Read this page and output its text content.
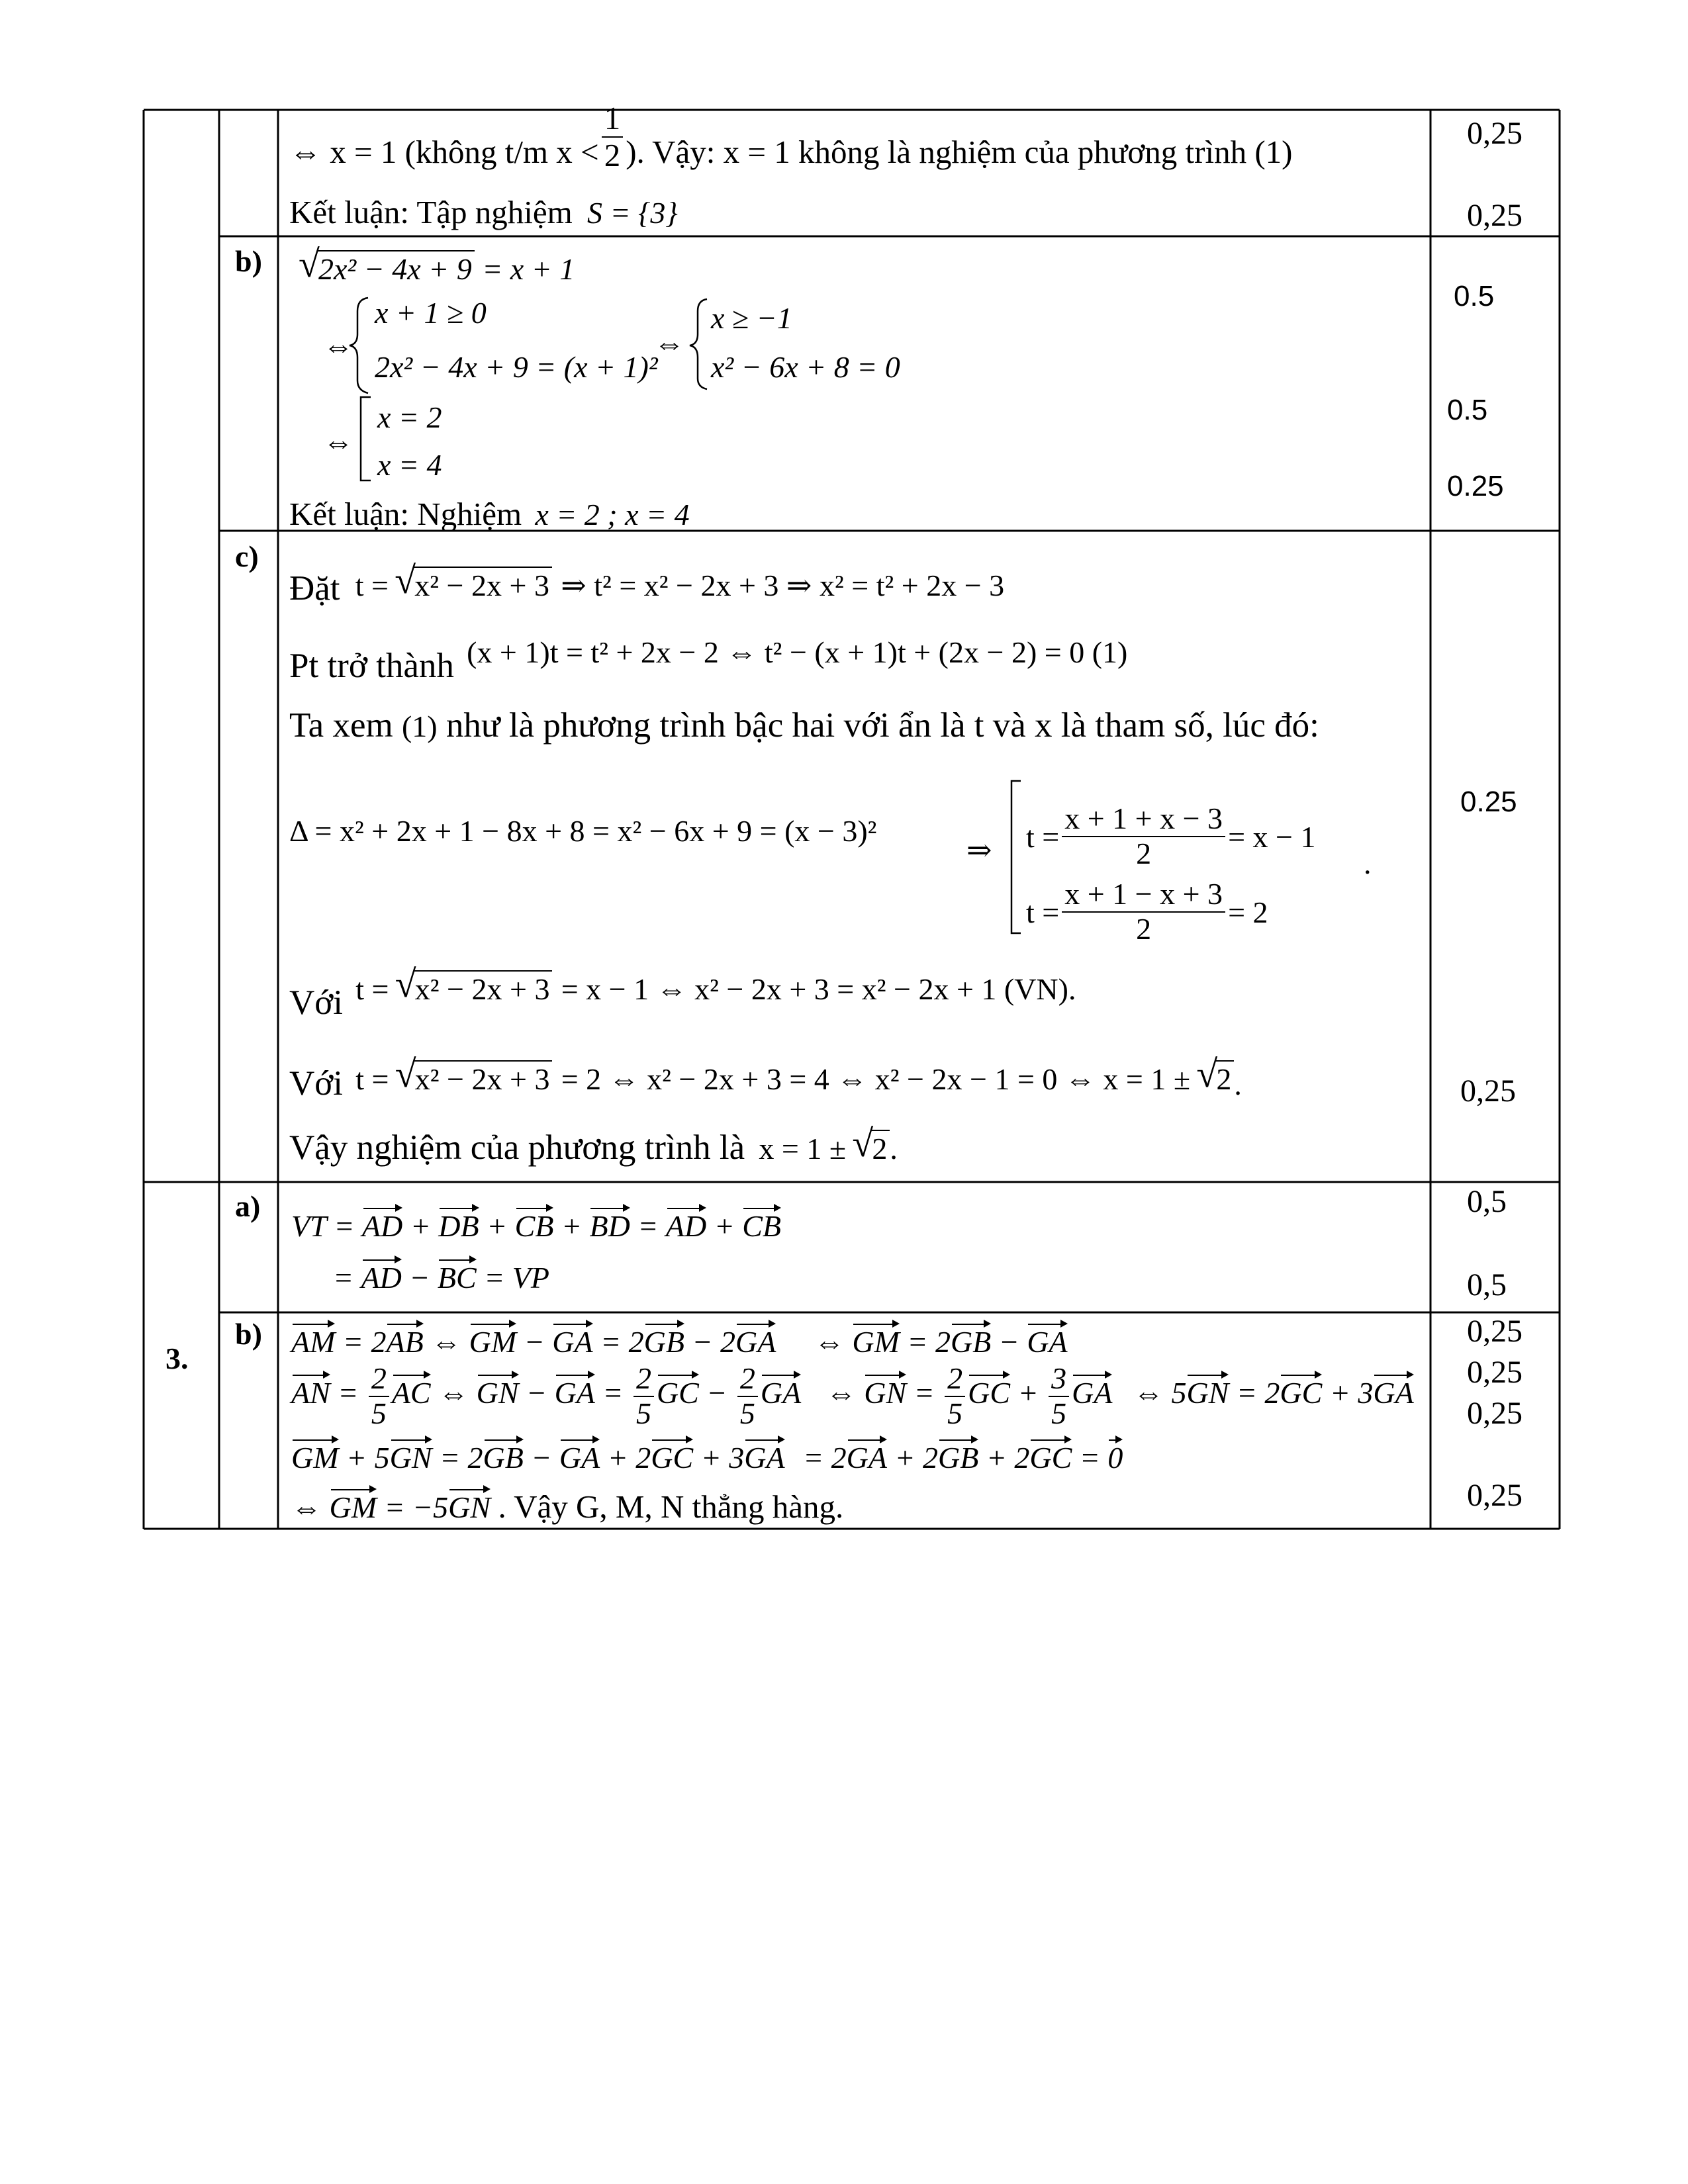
3.
⇔ x = 1 (không t/m $x < \frac{1}{2}$ ). Vậy: x = 1 không là nghiệm của phương trình (1)
Kết luận: Tập nghiệm S = {3}
0,25
0,25
b)	√ 2x² − 4x + 9 = x + 1
⇔
x + 1 ≥ 0
2x² − 4x + 9 = (x + 1)²
⇔
x ≥ −1
x² − 6x + 8 = 0
⇔
x = 2
x = 4
Kết luận: Nghiệm x = 2 ; x = 4
0.5
0.5
0.25
c)
Đặt t = √ x² − 2x + 3 ⇒ t² = x² − 2x + 3 ⇒ x² = t² + 2x − 3
Pt trở thành (x + 1)t = t² + 2x − 2 ⇔ t² − (x + 1)t + (2x − 2) = 0 (1)
Ta xem (1) như là phương trình bậc hai với ẩn là t và x là tham số, lúc đó:
Δ = x² + 2x + 1 − 8x + 8 = x² − 6x + 9 = (x − 3)²
⇒ $t = \frac{x + 1 + x - 3}{2} = x - 1$
.
$t = \frac{x + 1 - x + 3}{2} = 2$
Với t = √ x² − 2x + 3 = x − 1 ⇔ x² − 2x + 3 = x² − 2x + 1 (VN).
Với t = √ x² − 2x + 3 = 2 ⇔ x² − 2x + 3 = 4 ⇔ x² − 2x − 1 = 0 ⇔ x = 1 ± √ 2.
Vậy nghiệm của phương trình là x = 1 ± √ 2.
0.25
0,25
a)
VT = AD + DB + CB + BD = AD + CB
= AD − BC = VP
0,5
0,5
b) AM = 2AB ⇔ GM − GA = 2GB − 2GA ⇔ GM = 2GB − GA
AN = $\frac{2}{5}$ AC ⇔ GN − GA = $\frac{2}{5}$ GC − $\frac{2}{5}$ GA ⇔ GN = $\frac{2}{5}$ GC + $\frac{3}{5}$ GA ⇔ 5GN = 2GC + 3GA
GM + 5GN = 2GB − GA + 2GC + 3GA = 2GA + 2GB + 2GC = 0
⇔ GM = −5GN . Vậy G, M, N thẳng hàng.
0,25
0,25
0,25
0,25
